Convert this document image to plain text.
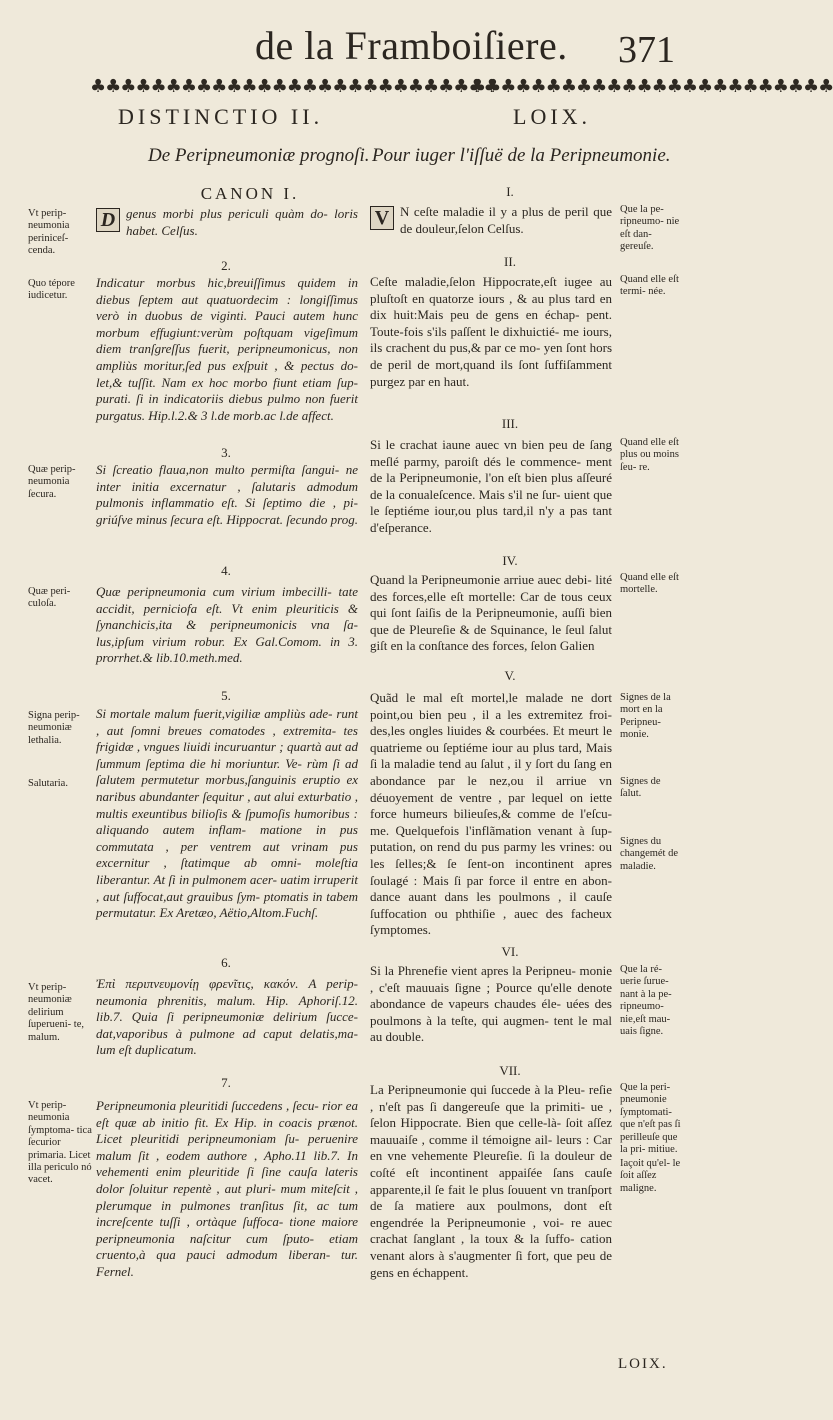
de la Framboiſiere. 371
♣♣♣♣♣♣♣♣♣♣♣♣♣♣♣♣♣♣♣♣♣♣♣♣♣♣♣
♣♣♣♣♣♣♣♣♣♣♣♣♣♣♣♣♣♣♣♣♣♣♣♣
DISTINCTIO II.
De Peripneumoniæ prognoſi.
CANON I.
D genus morbi plus periculi quàm do- loris habet. Celſus.
2.
Indicatur morbus hic,breuiſſimus quidem in diebus ſeptem aut quatuordecim : longiſſimus verò in duobus de viginti. Pauci autem hunc morbum effugiunt:verùm poſtquam vigeſimum diem tranſgreſſus fuerit, peripneumonicus, non ampliùs moritur,ſed pus exſpuit , & pectus do- let,& tuſſit. Nam ex hoc morbo fiunt etiam ſup- purati. ſi in indicatoriis diebus pulmo non fuerit purgatus. Hip.l.2.& 3 l.de morb.ac l.de affect.
3.
Si ſcreatio flaua,non multo permiſta ſangui- ne inter initia excernatur , ſalutaris admodum pulmonis inflammatio eſt. Si ſeptimo die , pi- griúſve minus ſecura eſt. Hippocrat. ſecundo prog.
4.
Quæ peripneumonia cum virium imbecilli- tate accidit, perniciofa eſt. Vt enim pleuriticis & ſynanchicis,ita & peripneumonicis vna ſa- lus,ipſum virium robur. Ex Gal.Comom. in 3. prorrhet.& lib.10.meth.med.
5.
Si mortale malum fuerit,vigiliæ ampliùs ade- runt , aut ſomni breues comatodes , extremita- tes frigidæ , vngues liuidi incuruantur ; quartà aut ad ſummum ſeptima die hi moriuntur. Ve- rùm ſi ad ſalutem permutetur morbus,ſanguinis eruptio ex naribus abundanter ſequitur , aut alui exturbatio , multis exeuntibus bilioſis & ſpumoſis humoribus : aliquando autem inflam- matione in pus commutata , per ventrem aut vrinam pus excernitur , ſtatimque ab omni- moleſtia liberantur. At ſi in pulmonem acer- uatim irruperit , aut ſuffocat,aut grauibus ſym- ptomatis in tabem permutatur. Ex Aretæo, Aëtio,Altom.Fuchſ.
6.
Ἐπὶ περιπνευμονίῃ φρενῖτις, κακόν. A perip- neumonia phrenitis, malum. Hip. Aphoriſ.12. lib.7. Quia ſi peripneumoniæ delirium ſucce- dat,vaporibus à pulmone ad caput delatis,ma- lum eſt duplicatum.
7.
Peripneumonia pleuritidi ſuccedens , ſecu- rior ea eſt quæ ab initio fit. Ex Hip. in coacis prænot. Licet pleuritidi peripneumoniam ſu- peruenire malum ſit , eodem authore , Apho.11 lib.7. In vehementi enim pleuritide ſi ſine cauſa lateris dolor ſoluitur repentè , aut pluri- mum miteſcit , plerumque in pulmones tranſitus ſit, ac tum increſcente tuſſi , ortàque ſuffoca- tione maiore peripneumonia naſcitur cum ſputo- etiam cruento,à qua pauci admodum liberan- tur. Fernel.
Vt perip- neumonia periniceſ- cenda.
Quo tépore iudicetur.
Quæ perip- neumonia ſecura.
Quæ peri- culoſa.
Signa perip- neumoniæ lethalia.
Salutaria.
Vt perip- neumoniæ delirium ſuperueni- te, malum.
Vt perip- neumonia ſymptoma- tica ſecurior primaria. Licet illa periculo nó vacet.
LOIX.
Pour iuger l'iſſuë de la Peripneumonie.
I.
V N ceſte maladie il y a plus de peril que de douleur,ſelon Celſus.
II.
Ceſte maladie,ſelon Hippocrate,eſt iugee au pluſtoſt en quatorze iours , & au plus tard en dix huit:Mais peu de gens en échap- pent. Toute-fois s'ils paſſent le dixhuictié- me iours, ils crachent du pus,& par ce mo- yen ſont hors de peril de mort,quand ils ſont ſuffiſamment purgez par en haut.
III.
Si le crachat iaune auec vn bien peu de ſang meſlé parmy, paroiſt dés le commence- ment de la Peripneumonie, l'on eſt bien plus aſſeuré de la conualeſcence. Mais s'il ne ſur- uient que le ſeptiéme iour,ou plus tard,il n'y a pas tant d'eſperance.
IV.
Quand la Peripneumonie arriue auec debi- lité des forces,elle eſt mortelle: Car de tous ceux qui ſont ſaiſis de la Peripneumonie, auſſi bien que de Pleureſie & de Squinance, le ſeul ſalut giſt en la conſtance des forces, ſelon Galien
V.
Quãd le mal eſt mortel,le malade ne dort point,ou bien peu , il a les extremitez froi- des,les ongles liuides & courbées. Et meurt le quatrieme ou ſeptiéme iour au plus tard, Mais ſi la maladie tend au ſalut , il y ſort du ſang en abondance par le nez,ou il arriue vn déuoyement de ventre , par lequel on iette force humeurs bilieuſes,& comme de l'eſcu- me. Quelquefois l'inflãmation venant à ſup- putation, on rend du pus parmy les vrines: ou les ſelles;& ſe ſent-on incontinent apres ſoulagé : Mais ſi par force il entre en abon- dance auant dans les poulmons , il cauſe ſuffocation ou phthiſie , auec des facheux ſymptomes.
VI.
Si la Phrenefie vient apres la Peripneu- monie , c'eſt mauuais ſigne ; Pource qu'elle denote abondance de vapeurs chaudes éle- uées des poulmons à la teſte, qui augmen- tent le mal au double.
VII.
La Peripneumonie qui ſuccede à la Pleu- reſie , n'eſt pas ſi dangereuſe que la primiti- ue , ſelon Hippocrate. Bien que celle-là- ſoit aſſez mauuaiſe , comme il témoigne ail- leurs : Car en vne vehemente Pleureſie. ſi la douleur de coſté eſt incontinent appaiſée ſans cauſe apparente,il ſe fait le plus ſouuent vn tranſport de ſa matiere aux poulmons, dont eſt engendrée la Peripneumonie , voi- re auec crachat ſanglant , la toux & la ſuffo- cation venant alors à s'augmenter ſi fort, que peu de gens en échappent.
Que la pe- ripneumo- nie eſt dan- gereuſe.
Quand elle eſt termi- née.
Quand elle eſt plus ou moins ſeu- re.
Quand elle eſt mortelle.
Signes de la mort en la Peripneu- monie.
Signes de ſalut.
Signes du changemét de maladie.
Que la ré- uerie ſurue- nant à la pe- ripneumo- nie,eſt mau- uais ſigne.
Que la peri- pneumonie ſymptomati- que n'eſt pas ſi perilleuſe que la pri- mitiue.
Iaçoit qu'el- le ſoit aſſez maligne.
LOIX.
